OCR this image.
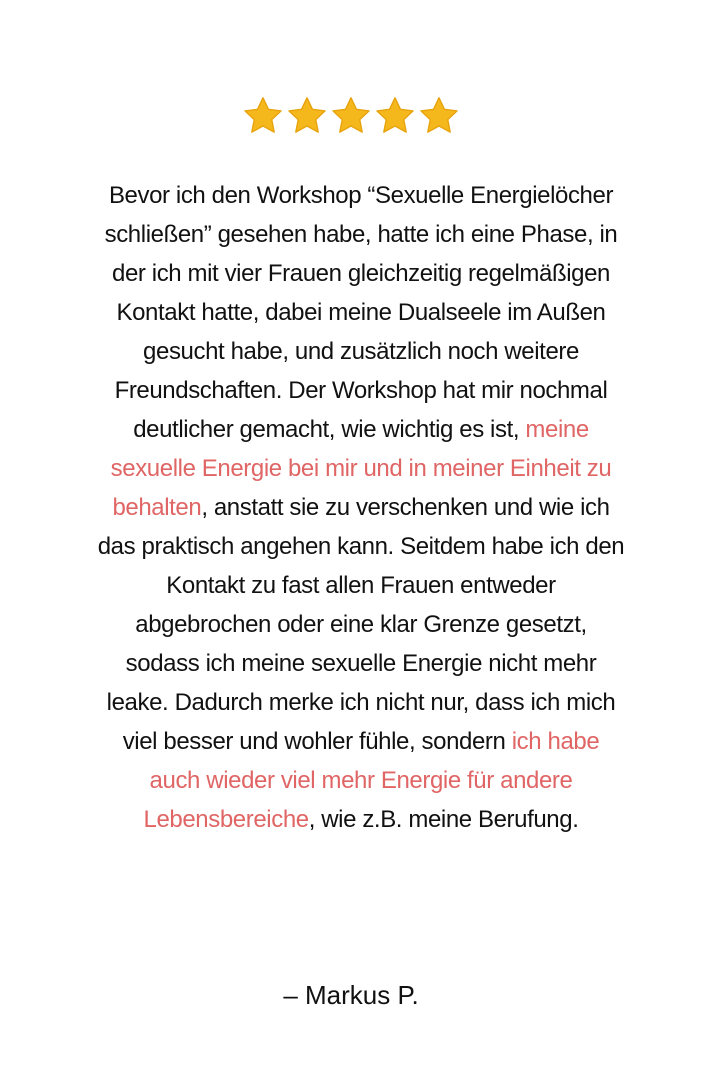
Bevor ich den Workshop “Sexuelle Energielöcher schließen” gesehen habe, hatte ich eine Phase, in der ich mit vier Frauen gleichzeitig regelmäßigen Kontakt hatte, dabei meine Dualseele im Außen gesucht habe, und zusätzlich noch weitere Freundschaften. Der Workshop hat mir nochmal deutlicher gemacht, wie wichtig es ist, meine sexuelle Energie bei mir und in meiner Einheit zu behalten, anstatt sie zu verschenken und wie ich das praktisch angehen kann. Seitdem habe ich den Kontakt zu fast allen Frauen entweder abgebrochen oder eine klar Grenze gesetzt, sodass ich meine sexuelle Energie nicht mehr leake. Dadurch merke ich nicht nur, dass ich mich viel besser und wohler fühle, sondern ich habe auch wieder viel mehr Energie für andere Lebensbereiche, wie z.B. meine Berufung.

– Markus P.
